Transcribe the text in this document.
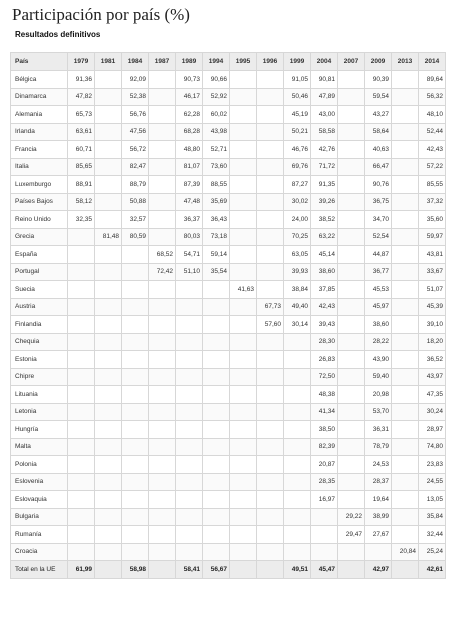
Participación por país (%)
Resultados definitivos
País	1979	1981	1984	1987	1989	1994	1995	1996	1999	2004	2007	2009	2013	2014
Bélgica	91,36		92,09		90,73	90,66			91,05	90,81		90,39		89,64
Dinamarca	47,82		52,38		46,17	52,92			50,46	47,89		59,54		56,32
Alemania	65,73		56,76		62,28	60,02			45,19	43,00		43,27		48,10
Irlanda	63,61		47,56		68,28	43,98			50,21	58,58		58,64		52,44
Francia	60,71		56,72		48,80	52,71			46,76	42,76		40,63		42,43
Italia	85,65		82,47		81,07	73,60			69,76	71,72		66,47		57,22
Luxemburgo	88,91		88,79		87,39	88,55			87,27	91,35		90,76		85,55
Países Bajos	58,12		50,88		47,48	35,69			30,02	39,26		36,75		37,32
Reino Unido	32,35		32,57		36,37	36,43			24,00	38,52		34,70		35,60
Grecia		81,48	80,59		80,03	73,18			70,25	63,22		52,54		59,97
España				68,52	54,71	59,14			63,05	45,14		44,87		43,81
Portugal				72,42	51,10	35,54			39,93	38,60		36,77		33,67
Suecia							41,63		38,84	37,85		45,53		51,07
Austria								67,73	49,40	42,43		45,97		45,39
Finlandia								57,60	30,14	39,43		38,60		39,10
Chequia										28,30		28,22		18,20
Estonia										26,83		43,90		36,52
Chipre										72,50		59,40		43,97
Lituania										48,38		20,98		47,35
Letonia										41,34		53,70		30,24
Hungría										38,50		36,31		28,97
Malta										82,39		78,79		74,80
Polonia										20,87		24,53		23,83
Eslovenia										28,35		28,37		24,55
Eslovaquia										16,97		19,64		13,05
Bulgaria											29,22	38,99		35,84
Rumanía											29,47	27,67		32,44
Croacia													20,84	25,24
Total en la UE	61,99		58,98		58,41	56,67			49,51	45,47		42,97		42,61
